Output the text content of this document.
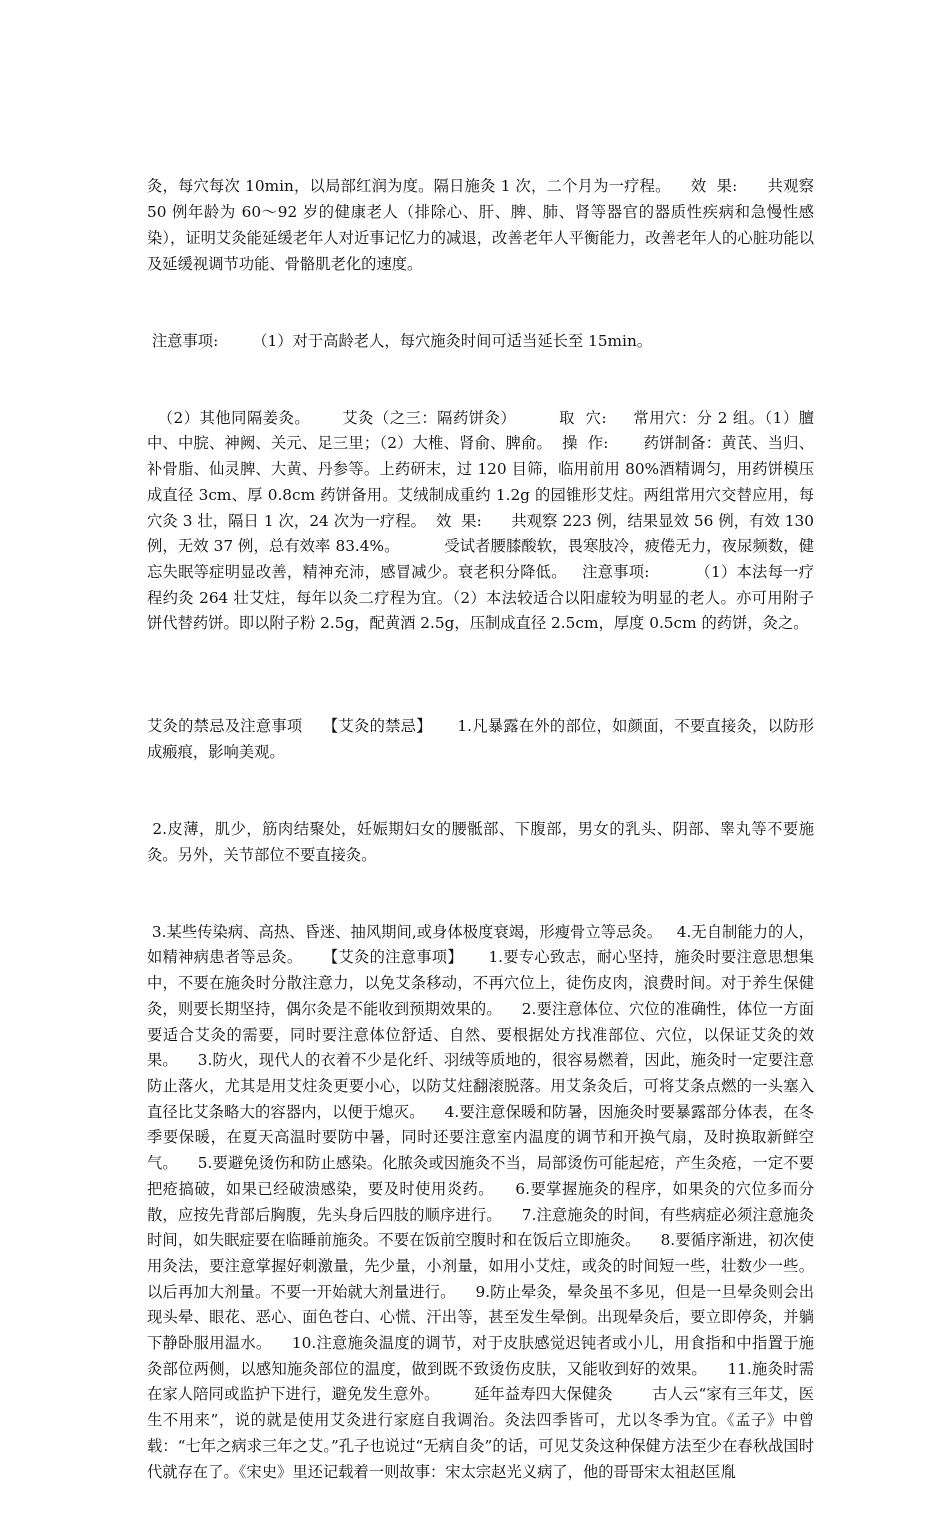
灸，每穴每次 10min，以局部红润为度。隔日施灸 1 次，二个月为一疗程。    效  果:      共观察 50 例年龄为 60～92 岁的健康老人（排除心、肝、脾、肺、肾等器官的器质性疾病和急慢性感染），证明艾灸能延缓老年人对近事记忆力的减退，改善老年人平衡能力，改善老年人的心脏功能以及延缓视调节功能、骨骼肌老化的速度。

注意事项:       （1）对于高龄老人，每穴施灸时间可适当延长至 15min。

（2）其他同隔姜灸。      艾灸（之三：隔药饼灸）        取  穴:     常用穴：分 2 组。（1）膻中、中脘、神阙、关元、足三里；（2）大椎、肾俞、脾俞。  操  作:       药饼制备：黄芪、当归、补骨脂、仙灵脾、大黄、丹参等。上药研末，过 120 目筛，临用前用 80%酒精调匀，用药饼模压成直径 3cm、厚 0.8cm 药饼备用。艾绒制成重约 1.2g 的园锥形艾炷。两组常用穴交替应用，每穴灸 3 壮，隔日 1 次，24 次为一疗程。  效  果:      共观察 223 例，结果显效 56 例，有效 130 例，无效 37 例，总有效率 83.4%。         受试者腰膝酸软，畏寒肢冷，疲倦无力，夜尿频数，健忘失眠等症明显改善，精神充沛，感冒减少。衰老积分降低。   注意事项:         （1）本法每一疗程约灸 264 壮艾炷，每年以灸二疗程为宜。（2）本法较适合以阳虚较为明显的老人。亦可用附子饼代替药饼。即以附子粉 2.5g，配黄酒 2.5g，压制成直径 2.5cm，厚度 0.5cm 的药饼，灸之。

艾灸的禁忌及注意事项    【艾灸的禁忌】     1.凡暴露在外的部位，如颜面，不要直接灸，以防形成瘢痕，影响美观。

2.皮薄，肌少，筋肉结聚处，妊娠期妇女的腰骶部、下腹部，男女的乳头、阴部、睾丸等不要施灸。另外，关节部位不要直接灸。

3.某些传染病、高热、昏迷、抽风期间,或身体极度衰竭，形瘦骨立等忌灸。   4.无自制能力的人，如精神病患者等忌灸。    【艾灸的注意事项】     1.要专心致志，耐心坚持，施灸时要注意思想集中，不要在施灸时分散注意力，以免艾条移动，不再穴位上，徒伤皮肉，浪费时间。对于养生保健灸，则要长期坚持，偶尔灸是不能收到预期效果的。    2.要注意体位、穴位的准确性，体位一方面要适合艾灸的需要，同时要注意体位舒适、自然、要根据处方找准部位、穴位，以保证艾灸的效果。    3.防火，现代人的衣着不少是化纤、羽绒等质地的，很容易燃着，因此，施灸时一定要注意防止落火，尤其是用艾炷灸更要小心，以防艾炷翻滚脱落。用艾条灸后，可将艾条点燃的一头塞入直径比艾条略大的容器内，以便于熄灭。    4.要注意保暖和防暑，因施灸时要暴露部分体表，在冬季要保暖，在夏天高温时要防中暑，同时还要注意室内温度的调节和开换气扇，及时换取新鲜空气。    5.要避免烫伤和防止感染。化脓灸或因施灸不当，局部烫伤可能起疮，产生灸疮，一定不要把疮搞破，如果已经破溃感染，要及时使用炎药。    6.要掌握施灸的程序，如果灸的穴位多而分散，应按先背部后胸腹，先头身后四肢的顺序进行。    7.注意施灸的时间，有些病症必须注意施灸时间，如失眠症要在临睡前施灸。不要在饭前空腹时和在饭后立即施灸。    8.要循序渐进，初次使用灸法，要注意掌握好刺激量，先少量，小剂量，如用小艾炷，或灸的时间短一些，壮数少一些。以后再加大剂量。不要一开始就大剂量进行。    9.防止晕灸，晕灸虽不多见，但是一旦晕灸则会出现头晕、眼花、恶心、面色苍白、心慌、汗出等，甚至发生晕倒。出现晕灸后，要立即停灸，并躺下静卧服用温水。    10.注意施灸温度的调节，对于皮肤感觉迟钝者或小儿，用食指和中指置于施灸部位两侧，以感知施灸部位的温度，做到既不致烫伤皮肤，又能收到好的效果。    11.施灸时需在家人陪同或监护下进行，避免发生意外。       延年益寿四大保健灸        古人云“家有三年艾，医生不用来”，说的就是使用艾灸进行家庭自我调治。灸法四季皆可，尤以冬季为宜。《孟子》中曾载：“七年之病求三年之艾。”孔子也说过“无病自灸”的话，可见艾灸这种保健方法至少在春秋战国时代就存在了。《宋史》里还记载着一则故事：宋太宗赵光义病了，他的哥哥宋太祖赵匡胤
